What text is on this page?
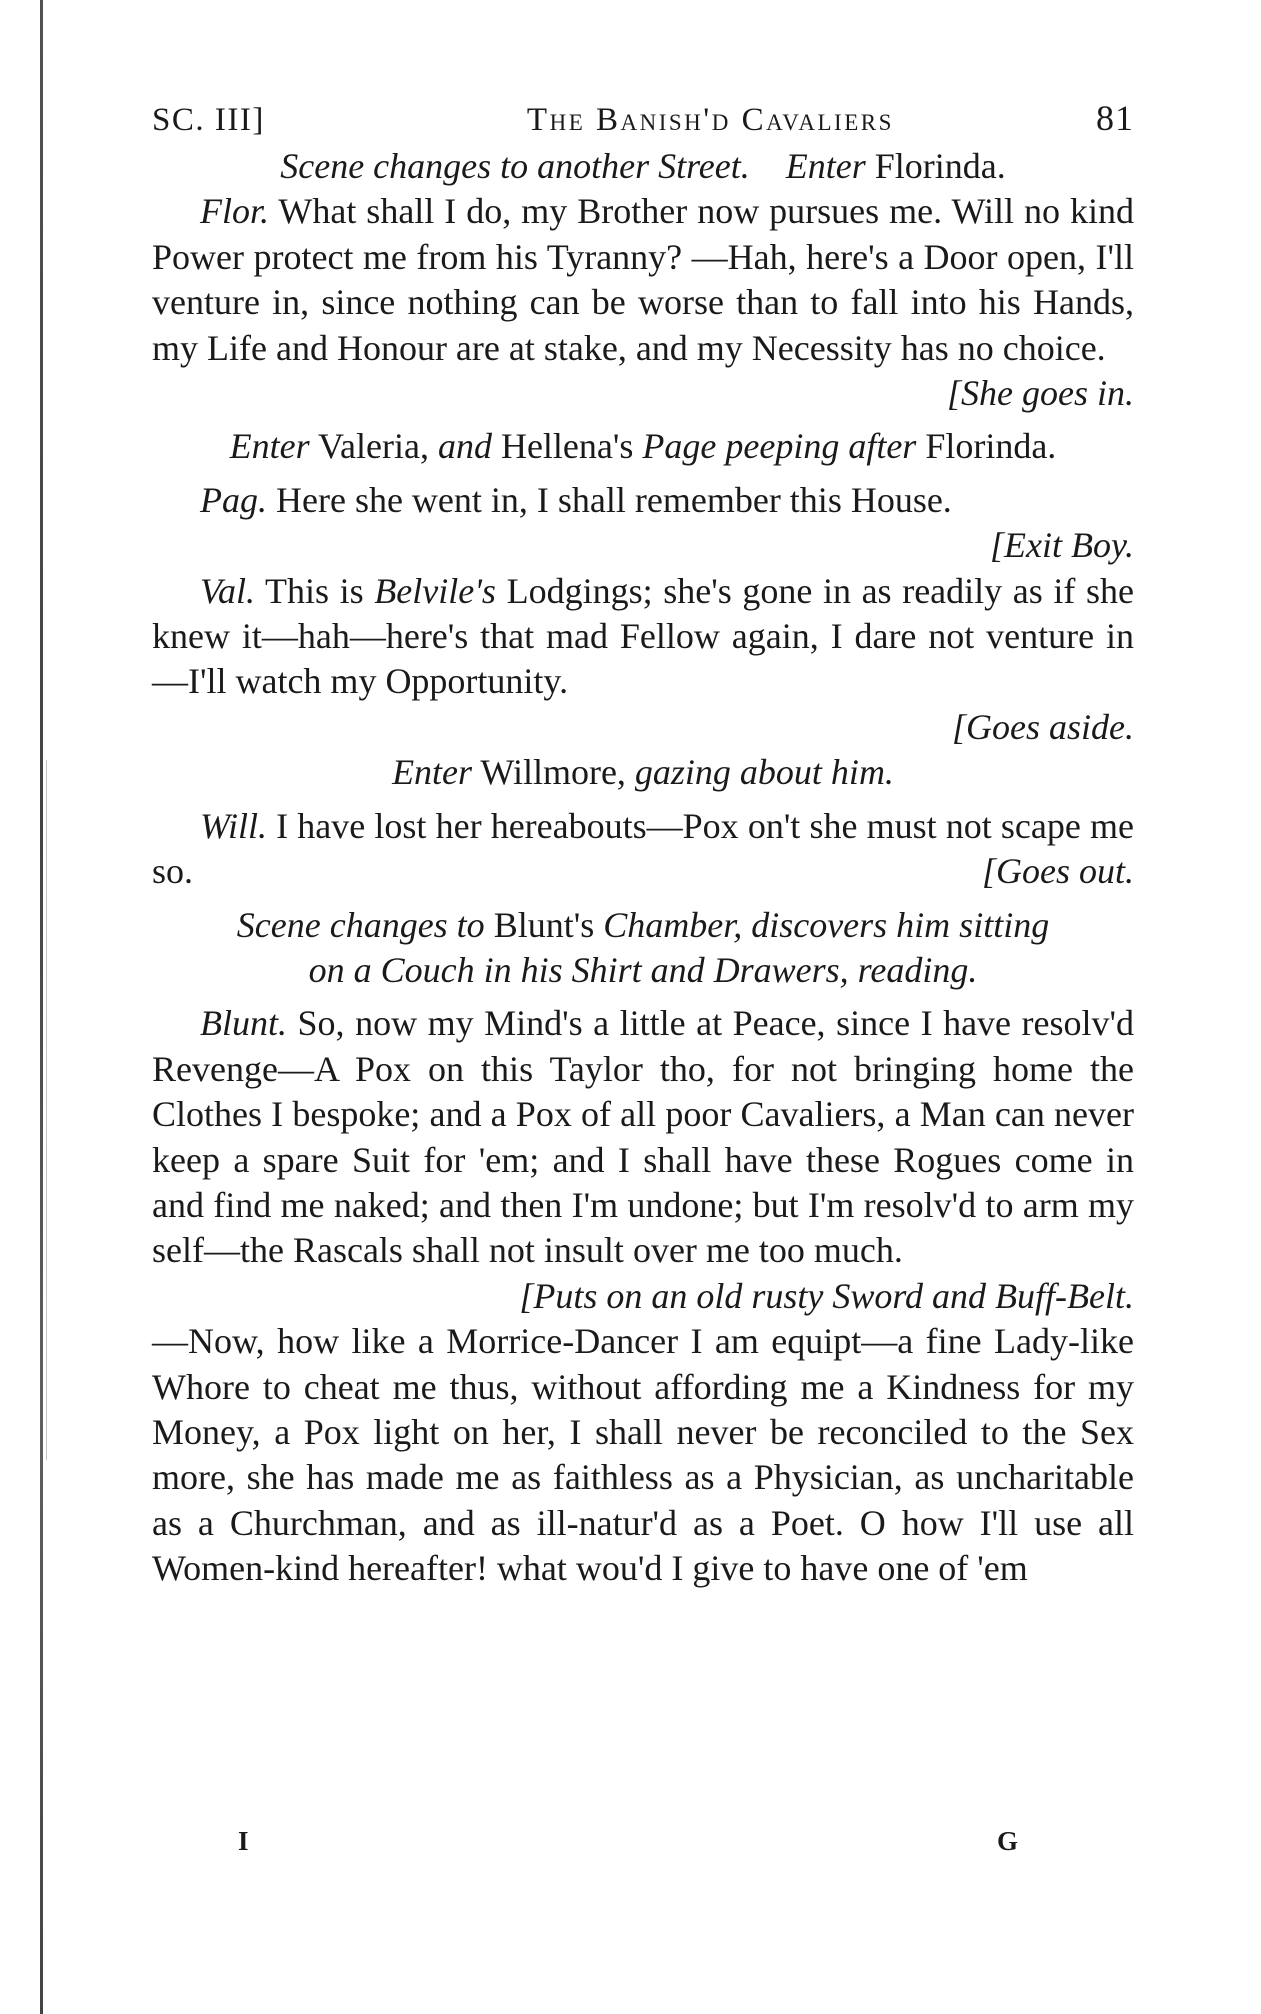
SC. III]	The Banish'd Cavaliers	81

Scene changes to another Street. Enter Florinda.

Flor. What shall I do, my Brother now pursues me. Will no kind Power protect me from his Tyranny? —Hah, here's a Door open, I'll venture in, since nothing can be worse than to fall into his Hands, my Life and Honour are at stake, and my Necessity has no choice.

[She goes in.

Enter Valeria, and Hellena's Page peeping after Florinda.

Pag. Here she went in, I shall remember this House.

[Exit Boy.

Val. This is Belvile's Lodgings; she's gone in as readily as if she knew it—hah—here's that mad Fellow again, I dare not venture in—I'll watch my Opportunity.

[Goes aside.

Enter Willmore, gazing about him.

Will. I have lost her hereabouts—Pox on't she must not scape me so.	[Goes out.

Scene changes to Blunt's Chamber, discovers him sitting
on a Couch in his Shirt and Drawers, reading.

Blunt. So, now my Mind's a little at Peace, since I have resolv'd Revenge—A Pox on this Taylor tho, for not bringing home the Clothes I bespoke; and a Pox of all poor Cavaliers, a Man can never keep a spare Suit for 'em; and I shall have these Rogues come in and find me naked; and then I'm undone; but I'm resolv'd to arm my self—the Rascals shall not insult over me too much.

[Puts on an old rusty Sword and Buff-Belt.

—Now, how like a Morrice-Dancer I am equipt—a fine Lady-like Whore to cheat me thus, without affording me a Kindness for my Money, a Pox light on her, I shall never be reconciled to the Sex more, she has made me as faithless as a Physician, as uncharitable as a Churchman, and as ill-natur'd as a Poet. O how I'll use all Women-kind hereafter! what wou'd I give to have one of 'em

I	G
